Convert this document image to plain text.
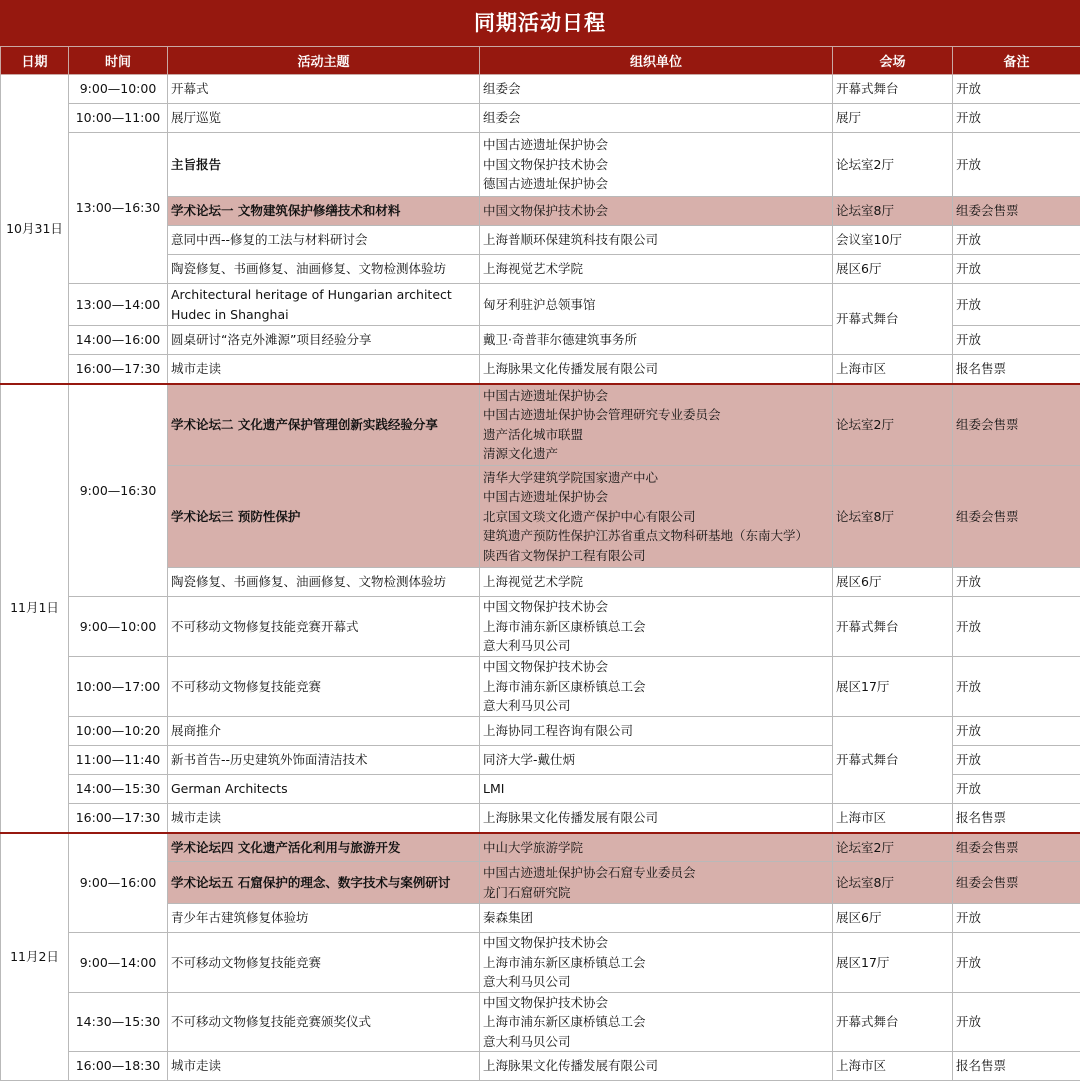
同期活动日程
日期	时间	活动主题	组织单位	会场	备注
10月31日	9:00—10:00	开幕式	组委会	开幕式舞台	开放
	10:00—11:00	展厅巡览	组委会	展厅	开放
	13:00—16:30	主旨报告	中国古迹遗址保护协会
中国文物保护技术协会
德国古迹遗址保护协会	论坛室2厅	开放
		学术论坛一 文物建筑保护修缮技术和材料	中国文物保护技术协会	论坛室8厅	组委会售票
		意同中西--修复的工法与材料研讨会	上海普顺环保建筑科技有限公司	会议室10厅	开放
		陶瓷修复、书画修复、油画修复、文物检测体验坊	上海视觉艺术学院	展区6厅	开放
	13:00—14:00	Architectural heritage of Hungarian architect
Hudec in Shanghai	匈牙利驻沪总领事馆	开幕式舞台	开放
	14:00—16:00	圆桌研讨“洛克外滩源”项目经验分享	戴卫·奇普菲尔德建筑事务所		开放
	16:00—17:30	城市走读	上海脉果文化传播发展有限公司	上海市区	报名售票
11月1日	9:00—16:30	学术论坛二 文化遗产保护管理创新实践经验分享	中国古迹遗址保护协会
中国古迹遗址保护协会管理研究专业委员会
遗产活化城市联盟
清源文化遗产	论坛室2厅	组委会售票
		学术论坛三 预防性保护	清华大学建筑学院国家遗产中心
中国古迹遗址保护协会
北京国文琰文化遗产保护中心有限公司
建筑遗产预防性保护江苏省重点文物科研基地（东南大学）
陕西省文物保护工程有限公司	论坛室8厅	组委会售票
		陶瓷修复、书画修复、油画修复、文物检测体验坊	上海视觉艺术学院	展区6厅	开放
	9:00—10:00	不可移动文物修复技能竞赛开幕式	中国文物保护技术协会
上海市浦东新区康桥镇总工会
意大利马贝公司	开幕式舞台	开放
	10:00—17:00	不可移动文物修复技能竞赛	中国文物保护技术协会
上海市浦东新区康桥镇总工会
意大利马贝公司	展区17厅	开放
	10:00—10:20	展商推介	上海协同工程咨询有限公司	开幕式舞台	开放
	11:00—11:40	新书首告--历史建筑外饰面清洁技术	同济大学-戴仕炳		开放
	14:00—15:30	German Architects	LMI		开放
	16:00—17:30	城市走读	上海脉果文化传播发展有限公司	上海市区	报名售票
11月2日	9:00—16:00	学术论坛四 文化遗产活化利用与旅游开发	中山大学旅游学院	论坛室2厅	组委会售票
		学术论坛五 石窟保护的理念、数字技术与案例研讨	中国古迹遗址保护协会石窟专业委员会
龙门石窟研究院	论坛室8厅	组委会售票
		青少年古建筑修复体验坊	秦森集团	展区6厅	开放
	9:00—14:00	不可移动文物修复技能竞赛	中国文物保护技术协会
上海市浦东新区康桥镇总工会
意大利马贝公司	展区17厅	开放
	14:30—15:30	不可移动文物修复技能竞赛颁奖仪式	中国文物保护技术协会
上海市浦东新区康桥镇总工会
意大利马贝公司	开幕式舞台	开放
	16:00—18:30	城市走读	上海脉果文化传播发展有限公司	上海市区	报名售票
